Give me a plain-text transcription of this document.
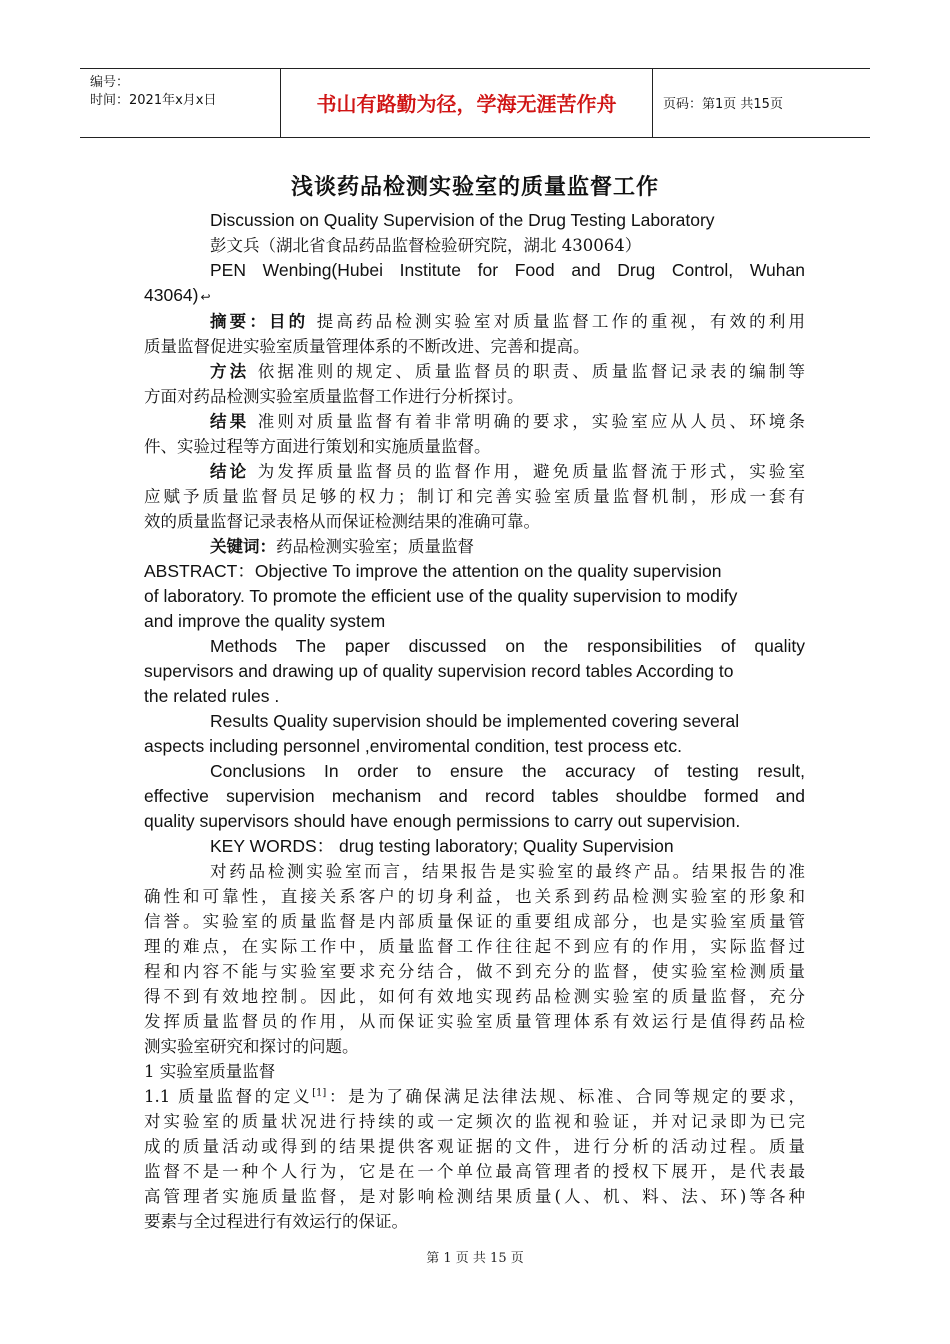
编号：
时间：2021年x月x日	书山有路勤为径，学海无涯苦作舟	页码：第1页 共15页
浅谈药品检测实验室的质量监督工作
Discussion on Quality Supervision of the Drug Testing Laboratory
彭文兵（湖北省食品药品监督检验研究院，湖北 430064）
PEN Wenbing(Hubei Institute for Food and Drug Control, Wuhan
43064) ↩
摘要：目的 提高药品检测实验室对质量监督工作的重视，有效的利用
质量监督促进实验室质量管理体系的不断改进、完善和提高。
方法 依据准则的规定、质量监督员的职责、质量监督记录表的编制等
方面对药品检测实验室质量监督工作进行分析探讨。
结果 准则对质量监督有着非常明确的要求，实验室应从人员、环境条
件、实验过程等方面进行策划和实施质量监督。
结论 为发挥质量监督员的监督作用，避免质量监督流于形式，实验室
应赋予质量监督员足够的权力；制订和完善实验室质量监督机制，形成一套有
效的质量监督记录表格从而保证检测结果的准确可靠。
关键词：药品检测实验室；质量监督
ABSTRACT：Objective To improve the attention on the quality supervision
of laboratory. To promote the efficient use of the quality supervision to modify
and improve the quality system
Methods The paper discussed on the responsibilities of quality
supervisors and drawing up of quality supervision record tables According to
the related rules .
Results Quality supervision should be implemented covering several
aspects including personnel ,enviromental condition, test process etc.
Conclusions In order to ensure the accuracy of testing result,
effective supervision mechanism and record tables shouldbe formed and
quality supervisors should have enough permissions to carry out supervision.
KEY WORDS： drug testing laboratory; Quality Supervision
对药品检测实验室而言，结果报告是实验室的最终产品。结果报告的准
确性和可靠性，直接关系客户的切身利益，也关系到药品检测实验室的形象和
信誉。实验室的质量监督是内部质量保证的重要组成部分，也是实验室质量管
理的难点，在实际工作中，质量监督工作往往起不到应有的作用，实际监督过
程和内容不能与实验室要求充分结合，做不到充分的监督，使实验室检测质量
得不到有效地控制。因此，如何有效地实现药品检测实验室的质量监督，充分
发挥质量监督员的作用，从而保证实验室质量管理体系有效运行是值得药品检
测实验室研究和探讨的问题。
1 实验室质量监督
1.1 质量监督的定义[1]：是为了确保满足法律法规、标准、合同等规定的要求，
对实验室的质量状况进行持续的或一定频次的监视和验证，并对记录即为已完
成的质量活动或得到的结果提供客观证据的文件，进行分析的活动过程。质量
监督不是一种个人行为，它是在一个单位最高管理者的授权下展开，是代表最
高管理者实施质量监督，是对影响检测结果质量(人、机、料、法、环)等各种
要素与全过程进行有效运行的保证。
第 1 页 共 15 页
